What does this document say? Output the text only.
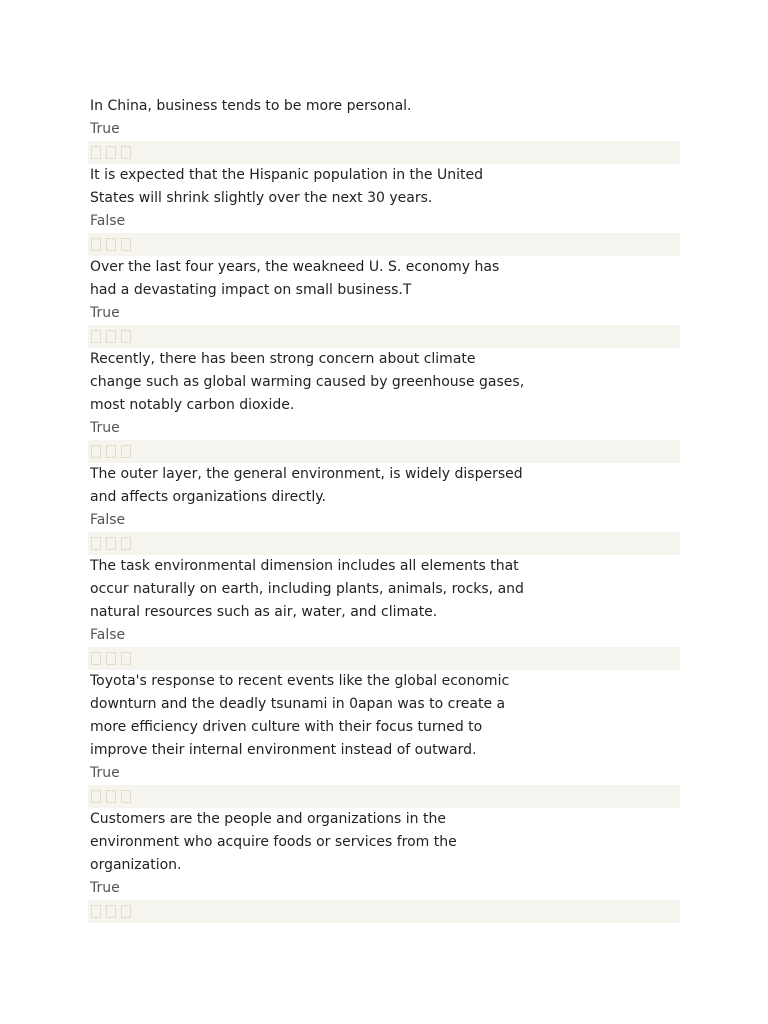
In China, business tends to be more personal.

True

It is expected that the Hispanic population in the United States will shrink slightly over the next 30 years.

False

Over the last four years, the weakneed U. S. economy has had a devastating impact on small business.T

True

Recently, there has been strong concern about climate change such as global warming caused by greenhouse gases, most notably carbon dioxide.

True

The outer layer, the general environment, is widely dispersed and affects organizations directly.

False

The task environmental dimension includes all elements that occur naturally on earth, including plants, animals, rocks, and natural resources such as air, water, and climate.

False

Toyota's response to recent events like the global economic downturn and the deadly tsunami in 0apan was to create a more efficiency driven culture with their focus turned to improve their internal environment instead of outward.

True

Customers are the people and organizations in the environment who acquire foods or services from the organization.

True
